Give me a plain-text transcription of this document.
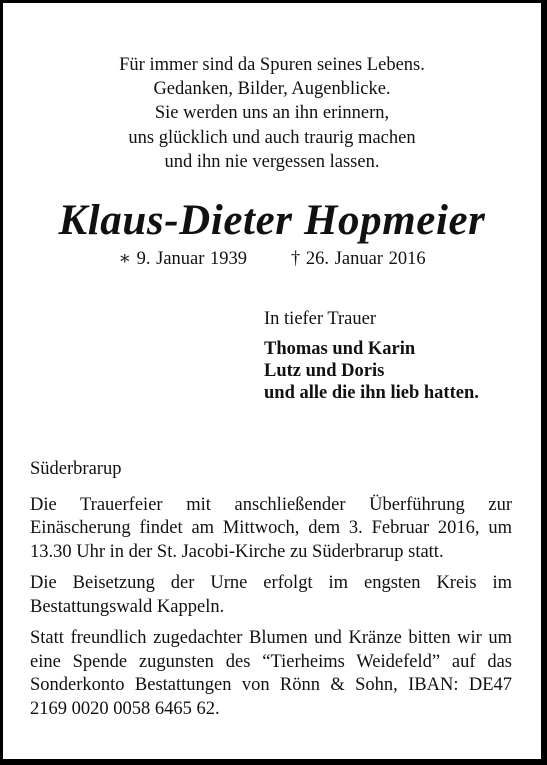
Für immer sind da Spuren seines Lebens.
Gedanken, Bilder, Augenblicke.
Sie werden uns an ihn erinnern,
uns glücklich und auch traurig machen
und ihn nie vergessen lassen.
Klaus-Dieter Hopmeier
∗ 9. Januar 1939 † 26. Januar 2016
In tiefer Trauer
Thomas und Karin
Lutz und Doris
und alle die ihn lieb hatten.

Süderbrarup

Die Trauerfeier mit anschließender Überführung zur Einäscherung findet am Mittwoch, dem 3. Februar 2016, um 13.30 Uhr in der St. Jacobi-Kirche zu Süderbrarup statt.

Die Beisetzung der Urne erfolgt im engsten Kreis im Bestattungswald Kappeln.

Statt freundlich zugedachter Blumen und Kränze bitten wir um eine Spende zugunsten des “Tierheims Weidefeld” auf das Sonderkonto Bestattungen von Rönn & Sohn, IBAN: DE47 2169 0020 0058 6465 62.
